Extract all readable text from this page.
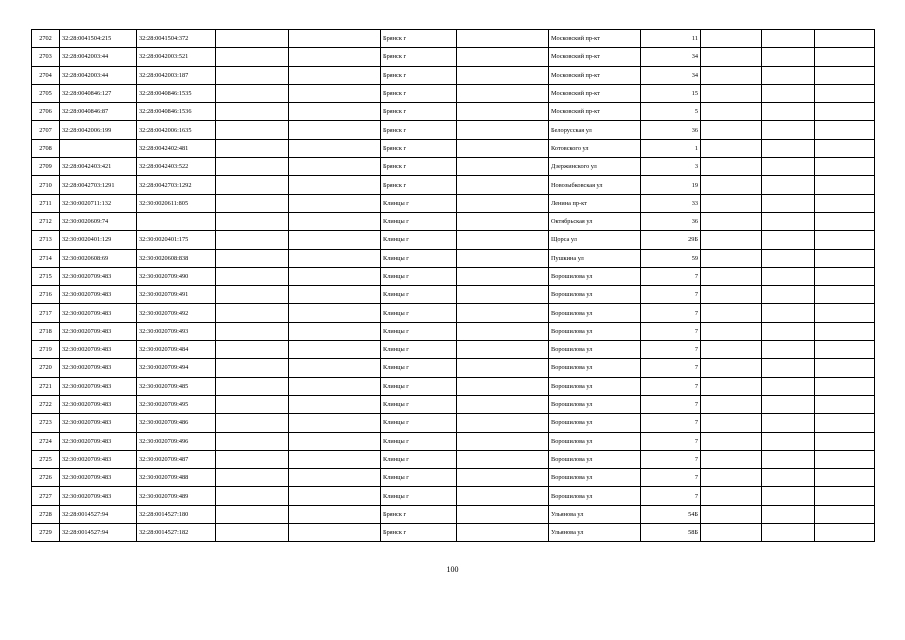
2702	32:28:0041504:215	32:28:0041504:372			Брянск г		Московский пр-кт	11			
2703	32:28:0042003:44	32:28:0042003:521			Брянск г		Московский пр-кт	34			
2704	32:28:0042003:44	32:28:0042003:187			Брянск г		Московский пр-кт	34			
2705	32:28:0040846:127	32:28:0040846:1535			Брянск г		Московский пр-кт	15			
2706	32:28:0040846:87	32:28:0040846:1536			Брянск г		Московский пр-кт	5			
2707	32:28:0042006:199	32:28:0042006:1635			Брянск г		Белорусская ул	36			
2708		32:28:0042402:481			Брянск г		Котовского ул	1			
2709	32:28:0042403:421	32:28:0042403:522			Брянск г		Дзержинского ул	3			
2710	32:28:0042703:1291	32:28:0042703:1292			Брянск г		Новозыбковская ул	19			
2711	32:30:0020711:132	32:30:0020611:805			Клинцы г		Ленина пр-кт	33			
2712	32:30:0020609:74				Клинцы г		Октябрьская ул	36			
2713	32:30:0020401:129	32:30:0020401:175			Клинцы г		Щорса ул	29Б			
2714	32:30:0020608:69	32:30:0020608:838			Клинцы г		Пушкина ул	59			
2715	32:30:0020709:483	32:30:0020709:490			Клинцы г		Ворошилова ул	7			
2716	32:30:0020709:483	32:30:0020709:491			Клинцы г		Ворошилова ул	7			
2717	32:30:0020709:483	32:30:0020709:492			Клинцы г		Ворошилова ул	7			
2718	32:30:0020709:483	32:30:0020709:493			Клинцы г		Ворошилова ул	7			
2719	32:30:0020709:483	32:30:0020709:484			Клинцы г		Ворошилова ул	7			
2720	32:30:0020709:483	32:30:0020709:494			Клинцы г		Ворошилова ул	7			
2721	32:30:0020709:483	32:30:0020709:485			Клинцы г		Ворошилова ул	7			
2722	32:30:0020709:483	32:30:0020709:495			Клинцы г		Ворошилова ул	7			
2723	32:30:0020709:483	32:30:0020709:486			Клинцы г		Ворошилова ул	7			
2724	32:30:0020709:483	32:30:0020709:496			Клинцы г		Ворошилова ул	7			
2725	32:30:0020709:483	32:30:0020709:487			Клинцы г		Ворошилова ул	7			
2726	32:30:0020709:483	32:30:0020709:488			Клинцы г		Ворошилова ул	7			
2727	32:30:0020709:483	32:30:0020709:489			Клинцы г		Ворошилова ул	7			
2728	32:28:0014527:94	32:28:0014527:180			Брянск г		Ульянова ул	54Б			
2729	32:28:0014527:94	32:28:0014527:182			Брянск г		Ульянова ул	58Б			
100
